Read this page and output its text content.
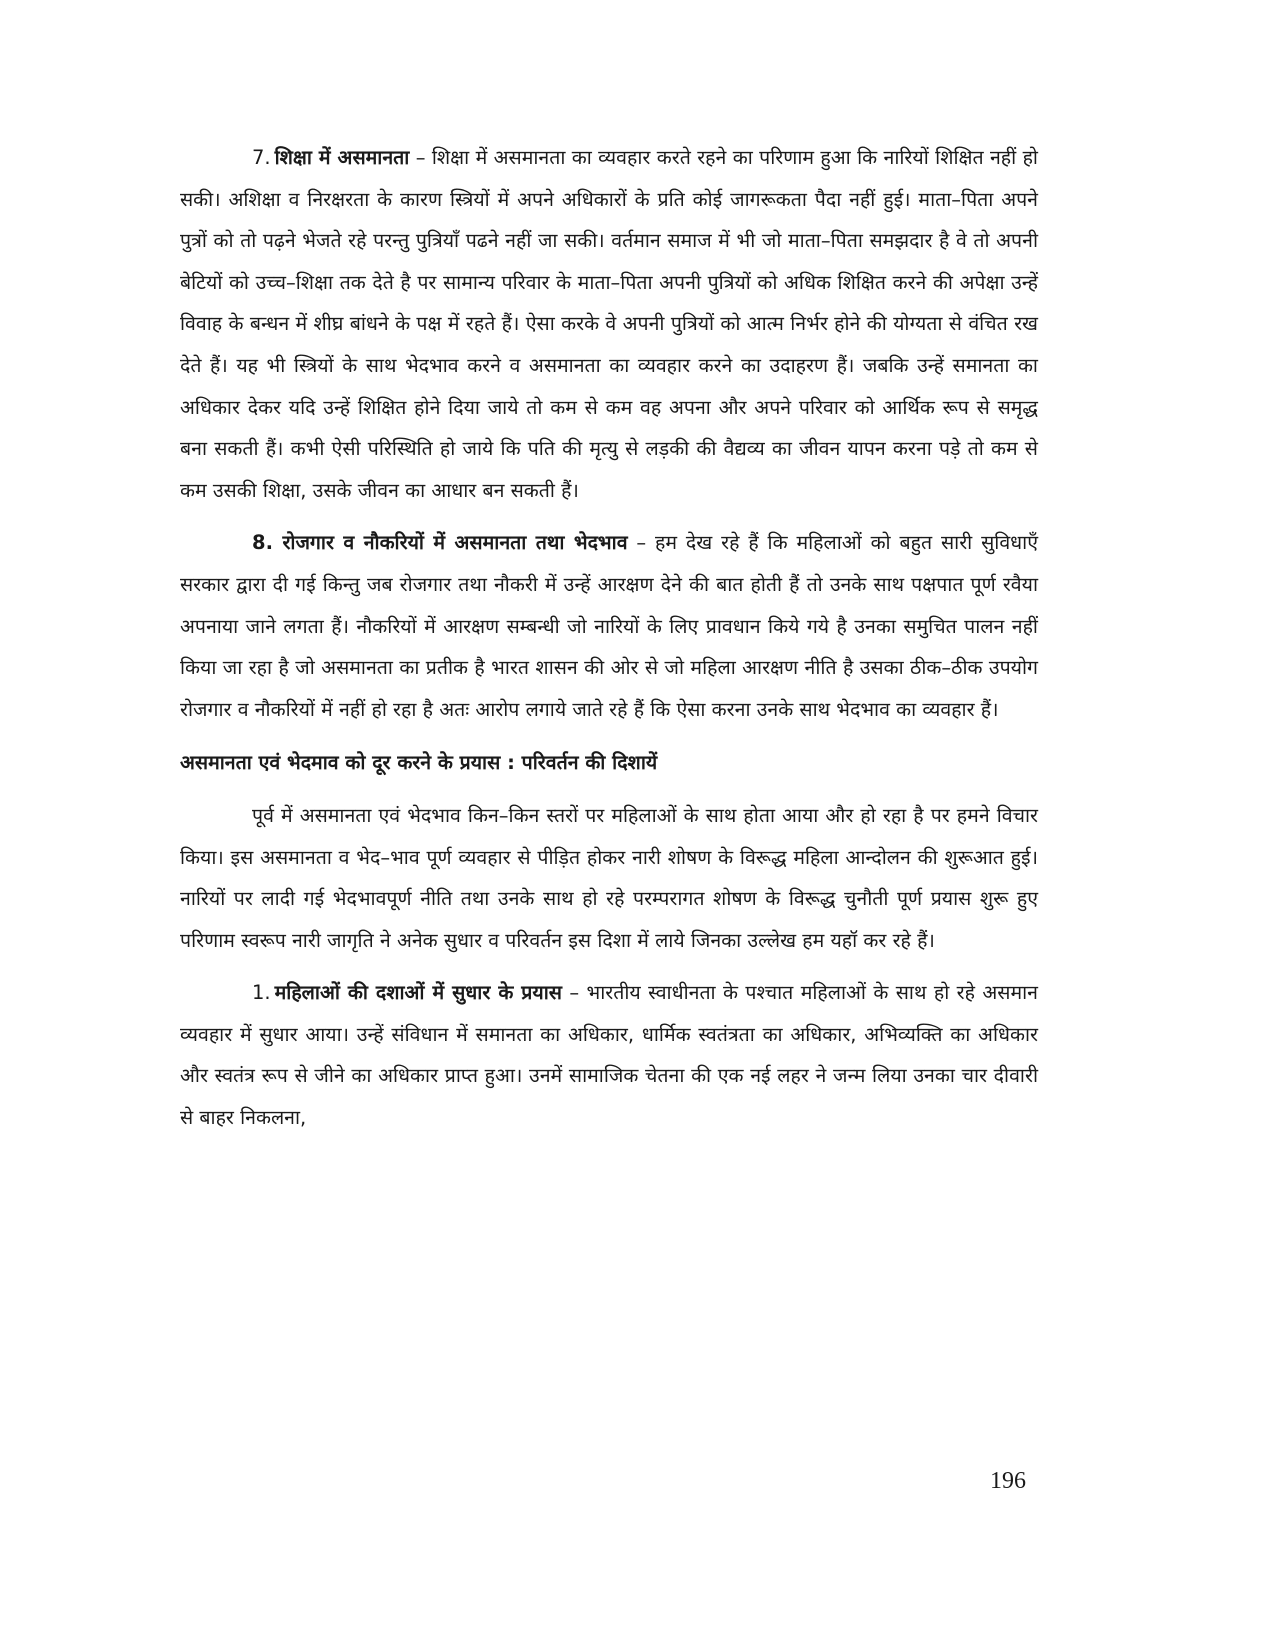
7. शिक्षा में असमानता – शिक्षा में असमानता का व्यवहार करते रहने का परिणाम हुआ कि नारियों शिक्षित नहीं हो सकी। अशिक्षा व निरक्षरता के कारण स्त्रियों में अपने अधिकारों के प्रति कोई जागरूकता पैदा नहीं हुई। माता–पिता अपने पुत्रों को तो पढ़ने भेजते रहे परन्तु पुत्रियाँ पढने नहीं जा सकी। वर्तमान समाज में भी जो माता–पिता समझदार है वे तो अपनी बेटियों को उच्च–शिक्षा तक देते है पर सामान्य परिवार के माता–पिता अपनी पुत्रियों को अधिक शिक्षित करने की अपेक्षा उन्हें विवाह के बन्धन में शीघ्र बांधने के पक्ष में रहते हैं। ऐसा करके वे अपनी पुत्रियों को आत्म निर्भर होने की योग्यता से वंचित रख देते हैं। यह भी स्त्रियों के साथ भेदभाव करने व असमानता का व्यवहार करने का उदाहरण हैं। जबकि उन्हें समानता का अधिकार देकर यदि उन्हें शिक्षित होने दिया जाये तो कम से कम वह अपना और अपने परिवार को आर्थिक रूप से समृद्ध बना सकती हैं। कभी ऐसी परिस्थिति हो जाये कि पति की मृत्यु से लड़की की वैद्यव्य का जीवन यापन करना पड़े तो कम से कम उसकी शिक्षा, उसके जीवन का आधार बन सकती हैं।

8. रोजगार व नौकरियों में असमानता तथा भेदभाव – हम देख रहे हैं कि महिलाओं को बहुत सारी सुविधाएँ सरकार द्वारा दी गई किन्तु जब रोजगार तथा नौकरी में उन्हें आरक्षण देने की बात होती हैं तो उनके साथ पक्षपात पूर्ण रवैया अपनाया जाने लगता हैं। नौकरियों में आरक्षण सम्बन्धी जो नारियों के लिए प्रावधान किये गये है उनका समुचित पालन नहीं किया जा रहा है जो असमानता का प्रतीक है भारत शासन की ओर से जो महिला आरक्षण नीति है उसका ठीक–ठीक उपयोग रोजगार व नौकरियों में नहीं हो रहा है अतः आरोप लगाये जाते रहे हैं कि ऐसा करना उनके साथ भेदभाव का व्यवहार हैं।

असमानता एवं भेदमाव को दूर करने के प्रयास : परिवर्तन की दिशायें

पूर्व में असमानता एवं भेदभाव किन–किन स्तरों पर महिलाओं के साथ होता आया और हो रहा है पर हमने विचार किया। इस असमानता व भेद–भाव पूर्ण व्यवहार से पीड़ित होकर नारी शोषण के विरूद्ध महिला आन्दोलन की शुरूआत हुई। नारियों पर लादी गई भेदभावपूर्ण नीति तथा उनके साथ हो रहे परम्परागत शोषण के विरूद्ध चुनौती पूर्ण प्रयास शुरू हुए परिणाम स्वरूप नारी जागृति ने अनेक सुधार व परिवर्तन इस दिशा में लाये जिनका उल्लेख हम यहॉ कर रहे हैं।

1. महिलाओं की दशाओं में सुधार के प्रयास – भारतीय स्वाधीनता के पश्चात महिलाओं के साथ हो रहे असमान व्यवहार में सुधार आया। उन्हें संविधान में समानता का अधिकार, धार्मिक स्वतंत्रता का अधिकार, अभिव्यक्ति का अधिकार और स्वतंत्र रूप से जीने का अधिकार प्राप्त हुआ। उनमें सामाजिक चेतना की एक नई लहर ने जन्म लिया उनका चार दीवारी से बाहर निकलना,

196
